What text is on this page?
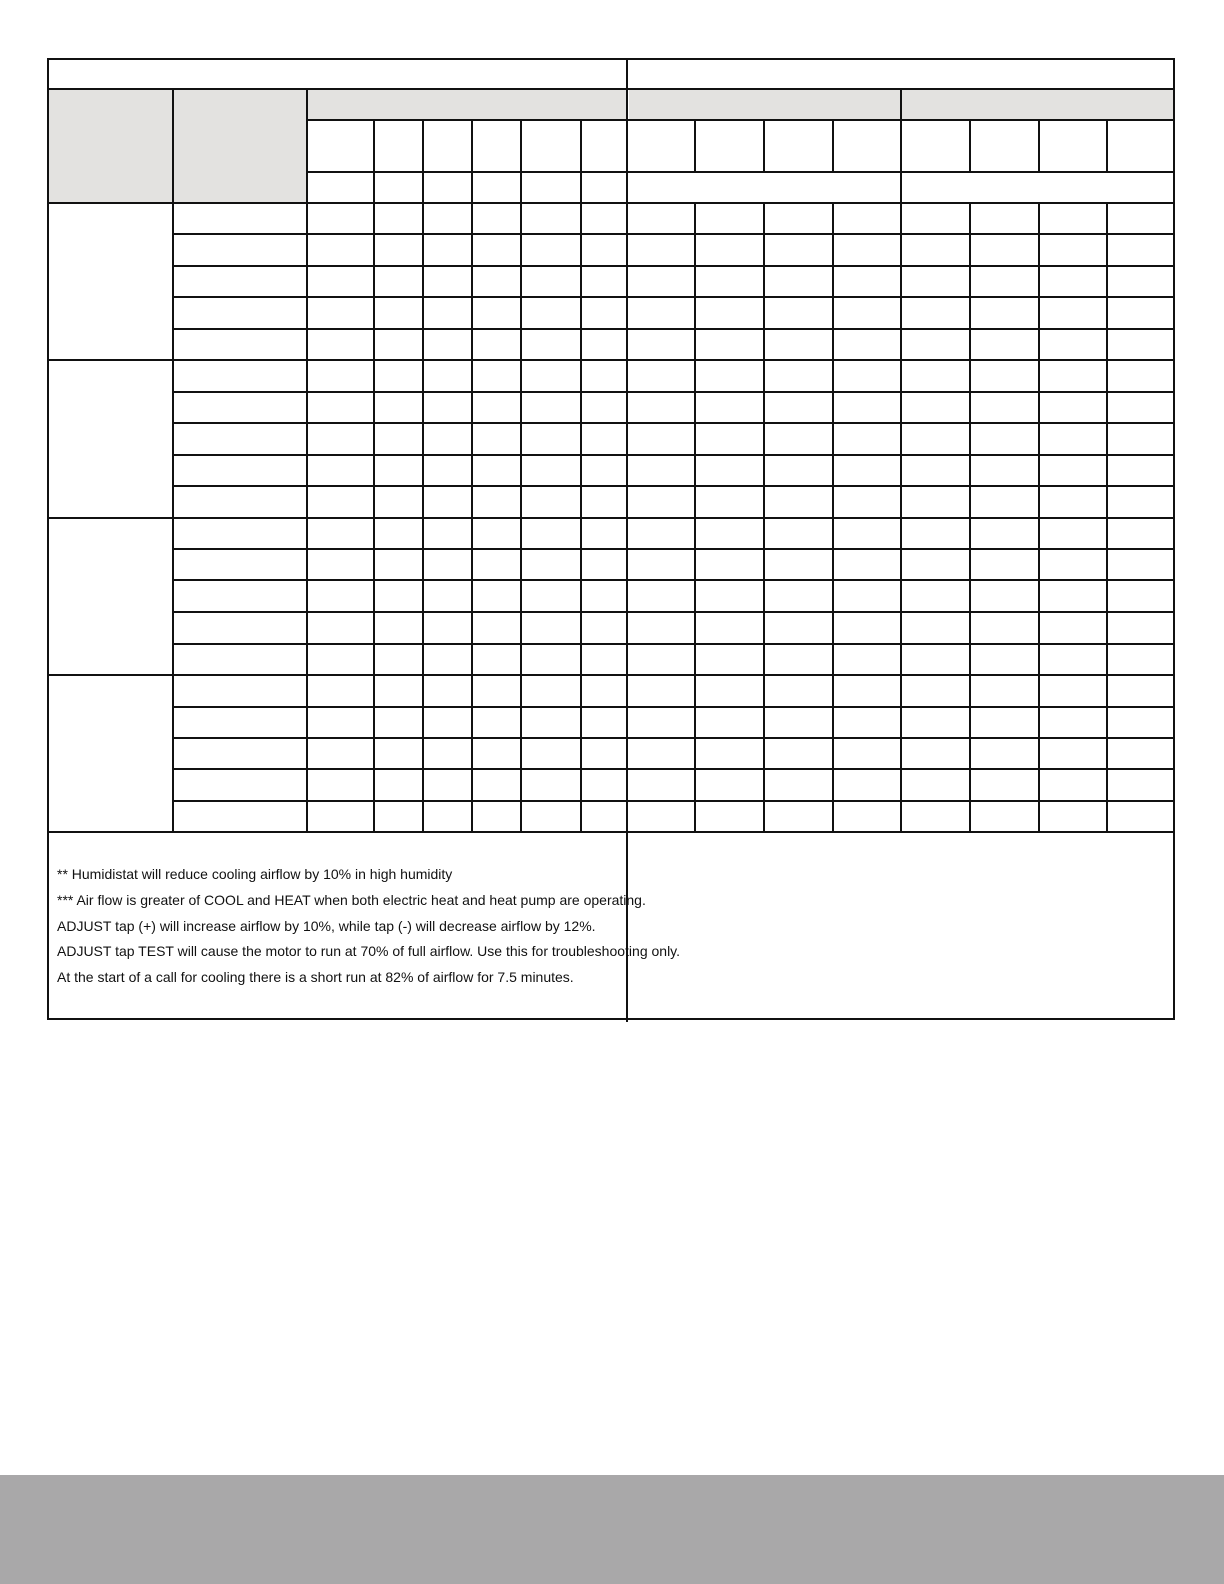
** Humidistat will reduce cooling airflow by 10% in high humidity
*** Air flow is greater of COOL and HEAT when both electric heat and heat pump are operating.
ADJUST tap (+) will increase airflow by 10%, while tap (-) will decrease airflow by 12%.
ADJUST tap TEST will cause the motor to run at 70% of full airflow. Use this for troubleshooting only.
At the start of a call for cooling there is a short run at 82% of airflow for 7.5 minutes.
